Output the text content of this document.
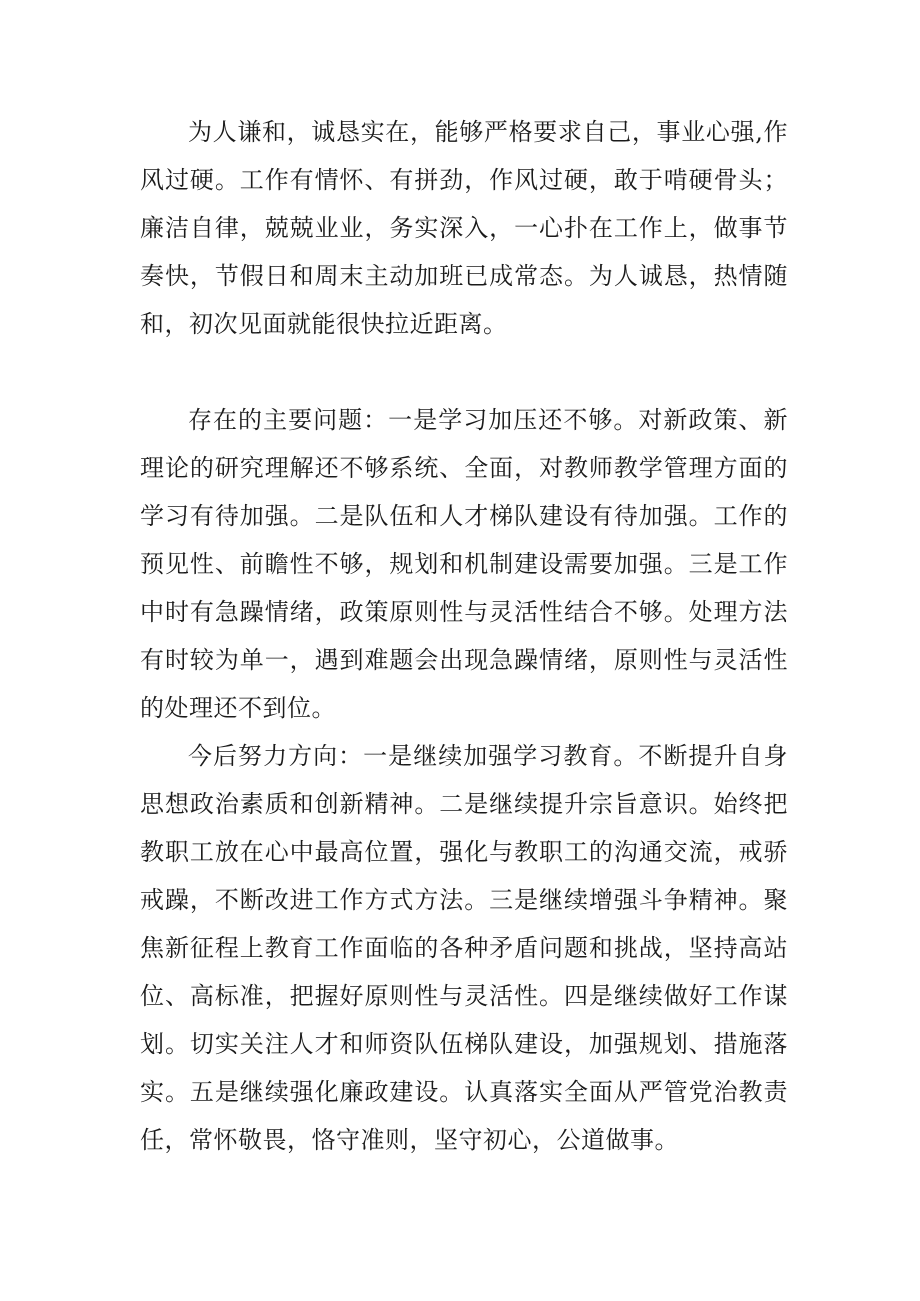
为人谦和，诚恳实在，能够严格要求自己，事业心强,作风过硬。工作有情怀、有拼劲，作风过硬，敢于啃硬骨头；廉洁自律，兢兢业业，务实深入，一心扑在工作上，做事节奏快，节假日和周末主动加班已成常态。为人诚恳，热情随和，初次见面就能很快拉近距离。

存在的主要问题：一是学习加压还不够。对新政策、新理论的研究理解还不够系统、全面，对教师教学管理方面的学习有待加强。二是队伍和人才梯队建设有待加强。工作的预见性、前瞻性不够，规划和机制建设需要加强。三是工作中时有急躁情绪，政策原则性与灵活性结合不够。处理方法有时较为单一，遇到难题会出现急躁情绪，原则性与灵活性的处理还不到位。

今后努力方向：一是继续加强学习教育。不断提升自身思想政治素质和创新精神。二是继续提升宗旨意识。始终把教职工放在心中最高位置，强化与教职工的沟通交流，戒骄戒躁，不断改进工作方式方法。三是继续增强斗争精神。聚焦新征程上教育工作面临的各种矛盾问题和挑战，坚持高站位、高标准，把握好原则性与灵活性。四是继续做好工作谋划。切实关注人才和师资队伍梯队建设，加强规划、措施落实。五是继续强化廉政建设。认真落实全面从严管党治教责任，常怀敬畏，恪守准则，坚守初心，公道做事。
